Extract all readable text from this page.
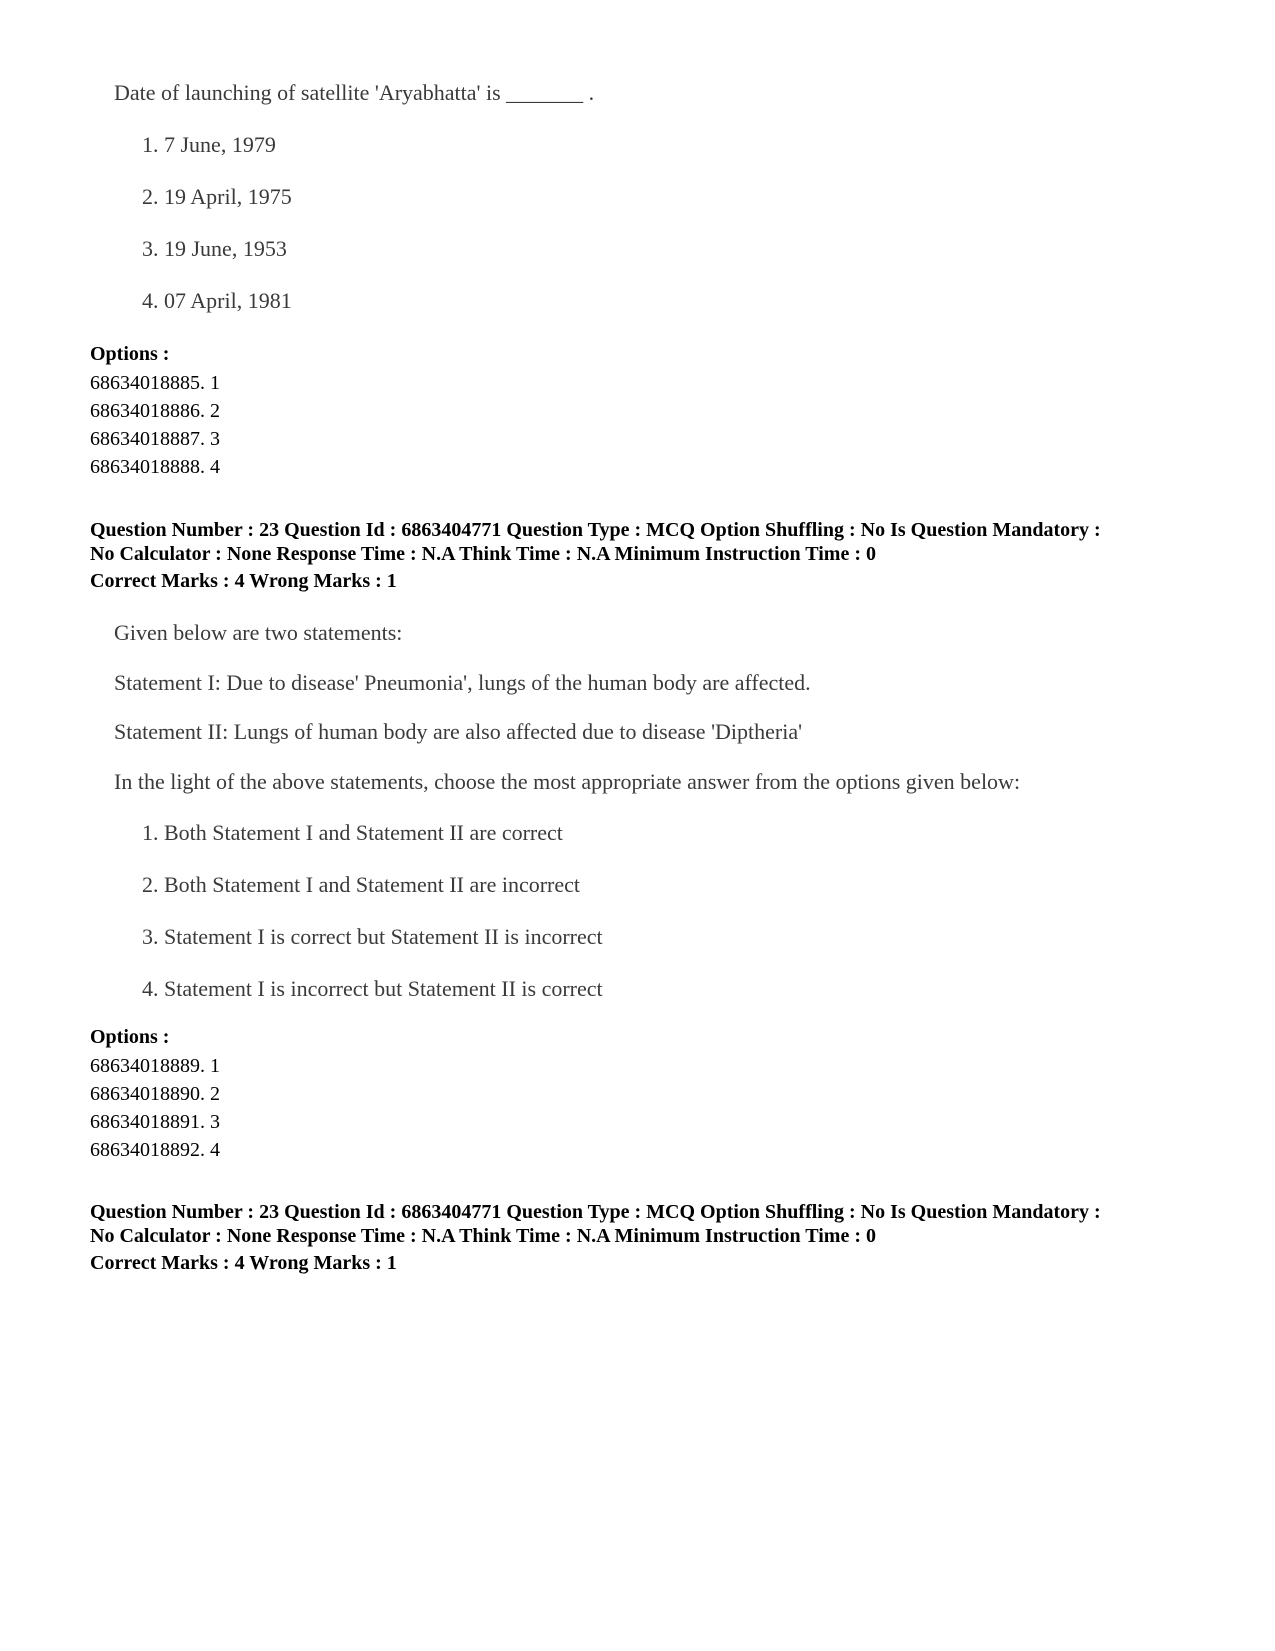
Date of launching of satellite 'Aryabhatta' is _______ .
1. 7 June, 1979
2. 19 April, 1975
3. 19 June, 1953
4. 07 April, 1981
Options :
68634018885. 1
68634018886. 2
68634018887. 3
68634018888. 4
Question Number : 23 Question Id : 6863404771 Question Type : MCQ Option Shuffling : No Is Question Mandatory :
No Calculator : None Response Time : N.A Think Time : N.A Minimum Instruction Time : 0
Correct Marks : 4 Wrong Marks : 1
Given below are two statements:
Statement I: Due to disease' Pneumonia', lungs of the human body are affected.
Statement II: Lungs of human body are also affected due to disease 'Diptheria'
In the light of the above statements, choose the most appropriate answer from the options given below:
1. Both Statement I and Statement II are correct
2. Both Statement I and Statement II are incorrect
3. Statement I is correct but Statement II is incorrect
4. Statement I is incorrect but Statement II is correct
Options :
68634018889. 1
68634018890. 2
68634018891. 3
68634018892. 4
Question Number : 23 Question Id : 6863404771 Question Type : MCQ Option Shuffling : No Is Question Mandatory :
No Calculator : None Response Time : N.A Think Time : N.A Minimum Instruction Time : 0
Correct Marks : 4 Wrong Marks : 1
